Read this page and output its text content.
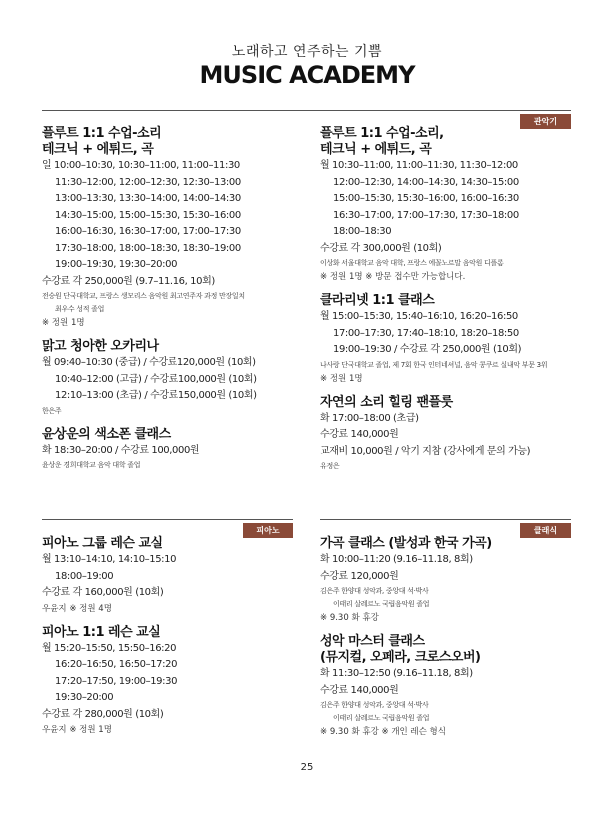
노래하고 연주하는 기쁨
MUSIC ACADEMY
관악기
플루트 1:1 수업-소리
테크닉 + 에튀드, 곡
일 10:00–10:30, 10:30–11:00, 11:00–11:30
11:30–12:00, 12:00–12:30, 12:30–13:00
13:00–13:30, 13:30–14:00, 14:00–14:30
14:30–15:00, 15:00–15:30, 15:30–16:00
16:00–16:30, 16:30–17:00, 17:00–17:30
17:30–18:00, 18:00–18:30, 18:30–19:00
19:00–19:30, 19:30–20:00
수강료 각 250,000원 (9.7–11.16, 10회)
전승원 단국대학교, 프랑스 생모리스 음악원 최고연주자 과정 만장일치
최우수 성적 졸업
※ 정원 1명
맑고 청아한 오카리나
월 09:40–10:30 (중급) / 수강료120,000원 (10회)
10:40–12:00 (고급) / 수강료100,000원 (10회)
12:10–13:00 (초급) / 수강료150,000원 (10회)
한은주
윤상운의 색소폰 클래스
화 18:30–20:00 / 수강료 100,000원
윤상운 경희대학교 음악 대학 졸업
플루트 1:1 수업-소리,
테크닉 + 에튀드, 곡
월 10:30–11:00, 11:00–11:30, 11:30–12:00
12:00–12:30, 14:00–14:30, 14:30–15:00
15:00–15:30, 15:30–16:00, 16:00–16:30
16:30–17:00, 17:00–17:30, 17:30–18:00
18:00–18:30
수강료 각 300,000원 (10회)
이상화 서울대학교 음악 대학, 프랑스 에꼴노르말 음악원 디플롬
※ 정원 1명 ※ 방문 접수만 가능합니다.
클라리넷 1:1 클래스
월 15:00–15:30, 15:40–16:10, 16:20–16:50
17:00–17:30, 17:40–18:10, 18:20–18:50
19:00–19:30 / 수강료 각 250,000원 (10회)
나사랑 단국대학교 졸업, 제 7회 한국 인터네셔널, 음악 콩쿠르 실내악 부문 3위
※ 정원 1명
자연의 소리 힐링 팬플룻
화 17:00–18:00 (초급)
수강료 140,000원
교재비 10,000원 / 악기 지참 (강사에게 문의 가능)
유정은
피아노	클래식
피아노 그룹 레슨 교실
월 13:10–14:10, 14:10–15:10
18:00–19:00
수강료 각 160,000원 (10회)
우윤지 ※ 정원 4명
피아노 1:1 레슨 교실
월 15:20–15:50, 15:50–16:20
16:20–16:50, 16:50–17:20
17:20–17:50, 19:00–19:30
19:30–20:00
수강료 각 280,000원 (10회)
우윤지 ※ 정원 1명
가곡 클래스 (발성과 한국 가곡)
화 10:00–11:20 (9.16–11.18, 8회)
수강료 120,000원
김은주 한양대 성악과, 중앙대 석·박사
이태리 살레르노 국립음악원 졸업
※ 9.30 화 휴강
성악 마스터 클래스
(뮤지컬, 오페라, 크로스오버)
화 11:30–12:50 (9.16–11.18, 8회)
수강료 140,000원
김은주 한양대 성악과, 중앙대 석·박사
이태리 살레르노 국립음악원 졸업
※ 9.30 화 휴강 ※ 개인 레슨 형식
25
